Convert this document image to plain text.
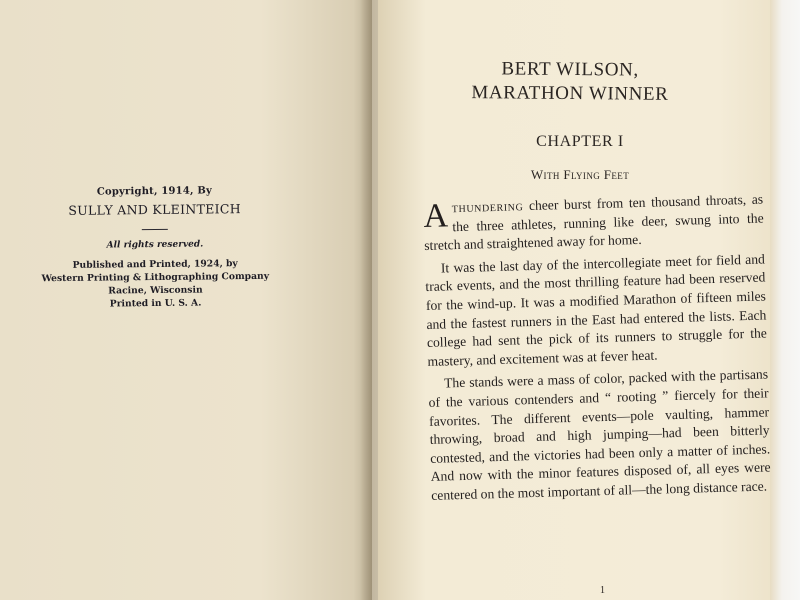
Copyright, 1914, By
SULLY AND KLEINTEICH
All rights reserved.
Published and Printed, 1924, by
Western Printing & Lithographing Company
Racine, Wisconsin
Printed in U. S. A.
BERT WILSON,
MARATHON WINNER
CHAPTER I
With Flying Feet

Athundering cheer burst from ten thousand throats, as the three athletes, running like deer, swung into the stretch and straightened away for home.

It was the last day of the intercollegiate meet for field and track events, and the most thrilling feature had been reserved for the wind-up. It was a modified Marathon of fifteen miles and the fastest runners in the East had entered the lists. Each college had sent the pick of its runners to struggle for the mastery, and excitement was at fever heat.

The stands were a mass of color, packed with the partisans of the various contenders and “ rooting ” fiercely for their favorites. The different events—pole vaulting, hammer throwing, broad and high jumping—had been bitterly contested, and the victories had been only a matter of inches. And now with the minor features disposed of, all eyes were centered on the most important of all—the long distance race.

1
